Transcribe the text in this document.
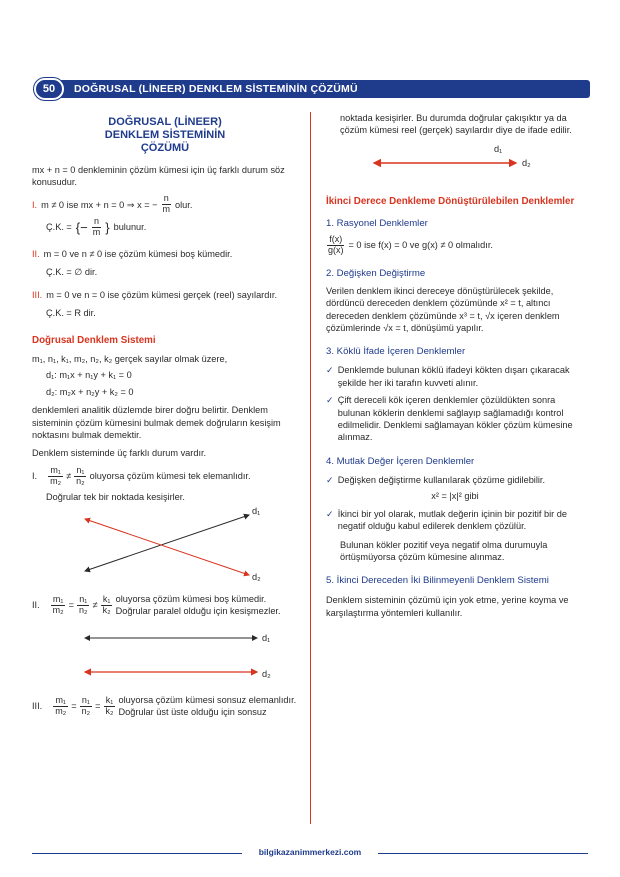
50	DOĞRUSAL (LİNEER) DENKLEM SİSTEMİNİN ÇÖZÜMÜ
DOĞRUSAL (LİNEER) DENKLEM SİSTEMİNİN ÇÖZÜMÜ
mx + n = 0 denkleminin çözüm kümesi için üç farklı durum söz konusudur.
I. m ≠ 0 ise mx + n = 0 ⇒ x = − $\frac{n}{m}$ olur.
Ç.K. = {− $\frac{n}{m}$ } bulunur.
II. m = 0 ve n ≠ 0 ise çözüm kümesi boş kümedir.
Ç.K. = ∅ dir.
III. m = 0 ve n = 0 ise çözüm kümesi gerçek (reel) sayılardır.
Ç.K. = R dir.
Doğrusal Denklem Sistemi
m₁, n₁, k₁, m₂, n₂, k₂ gerçek sayılar olmak üzere,
d₁: m₁x + n₁y + k₁ = 0
d₂: m₂x + n₂y + k₂ = 0
denklemleri analitik düzlemde birer doğru belirtir. Denklem sisteminin çözüm kümesini bulmak demek doğruların kesişim noktasını bulmak demektir.
Denklem sisteminde üç farklı durum vardır.
I. $\frac{\text{m₁}}{\text{m₂}} \ne \frac{\text{n₁}}{\text{n₂}}$ oluyorsa çözüm kümesi tek elemanlıdır.
Doğrular tek bir noktada kesişirler.
d₁
d₂
II. $\frac{\text{m₁}}{\text{m₂}} = \frac{\text{n₁}}{\text{n₂}} \ne \frac{\text{k₁}}{\text{k₂}}$ oluyorsa çözüm kümesi boş kümedir. Doğrular paralel olduğu için kesişmezler.
d₁
d₂
III. $\frac{\text{m₁}}{\text{m₂}} = \frac{\text{n₁}}{\text{n₂}} = \frac{\text{k₁}}{\text{k₂}}$ oluyorsa çözüm kümesi sonsuz elemanlıdır. Doğrular üst üste olduğu için sonsuz
noktada kesişirler. Bu durumda doğrular çakışıktır ya da çözüm kümesi reel (gerçek) sayılardır diye de ifade edilir.
d₁
d₂
İkinci Derece Denkleme Dönüştürülebilen Denklemler
1. Rasyonel Denklemler
$\frac{f(x)}{g(x)} = 0$ ise f(x) = 0 ve g(x) ≠ 0 olmalıdır.
2. Değişken Değiştirme
Verilen denklem ikinci dereceye dönüştürülecek şekilde, dördüncü dereceden denklem çözümünde x² = t, altıncı dereceden denklem çözümünde x³ = t, √x içeren denklem çözümlerinde √x = t, dönüşümü yapılır.
3. Köklü İfade İçeren Denklemler
✓ Denklemde bulunan köklü ifadeyi kökten dışarı çıkaracak şekilde her iki tarafın kuvveti alınır.
✓ Çift dereceli kök içeren denklemler çözüldükten sonra bulunan köklerin denklemi sağlayıp sağlamadığı kontrol edilmelidir. Denklemi sağlamayan kökler çözüm kümesine alınmaz.
4. Mutlak Değer İçeren Denklemler
✓ Değişken değiştirme kullanılarak çözüme gidilebilir.
x² = |x|² gibi
✓ İkinci bir yol olarak, mutlak değerin içinin bir pozitif bir de negatif olduğu kabul edilerek denklem çözülür.
Bulunan kökler pozitif veya negatif olma durumuyla örtüşmüyorsa çözüm kümesine alınmaz.
5. İkinci Dereceden İki Bilinmeyenli Denklem Sistemi
Denklem sisteminin çözümü için yok etme, yerine koyma ve karşılaştırma yöntemleri kullanılır.
bilgikazanimmerkezi.com
